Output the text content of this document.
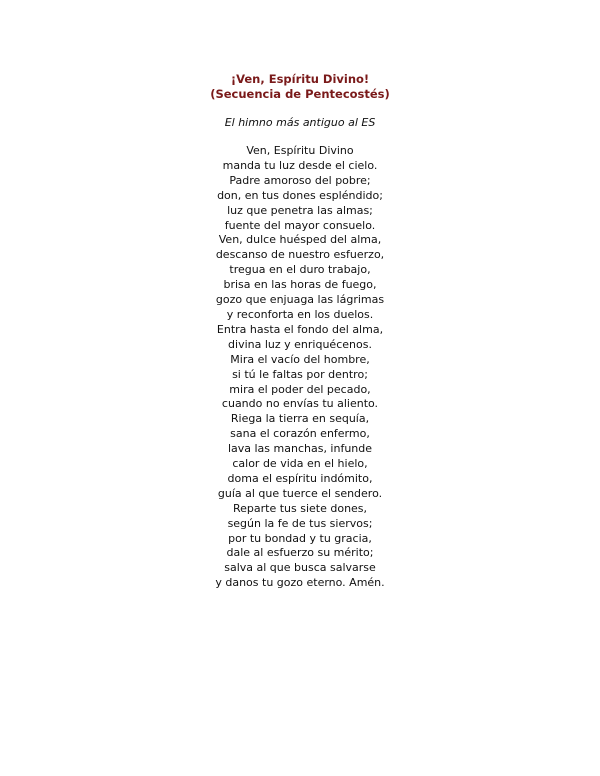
¡Ven, Espíritu Divino!

(Secuencia de Pentecostés)

El himno más antiguo al ES

Ven, Espíritu Divino
manda tu luz desde el cielo.
Padre amoroso del pobre;
don, en tus dones espléndido;
luz que penetra las almas;
fuente del mayor consuelo.
Ven, dulce huésped del alma,
descanso de nuestro esfuerzo,
tregua en el duro trabajo,
brisa en las horas de fuego,
gozo que enjuaga las lágrimas
y reconforta en los duelos.
Entra hasta el fondo del alma,
divina luz y enriquécenos.
Mira el vacío del hombre,
si tú le faltas por dentro;
mira el poder del pecado,
cuando no envías tu aliento.
Riega la tierra en sequía,
sana el corazón enfermo,
lava las manchas, infunde
calor de vida en el hielo,
doma el espíritu indómito,
guía al que tuerce el sendero.
Reparte tus siete dones,
según la fe de tus siervos;
por tu bondad y tu gracia,
dale al esfuerzo su mérito;
salva al que busca salvarse
y danos tu gozo eterno. Amén.
